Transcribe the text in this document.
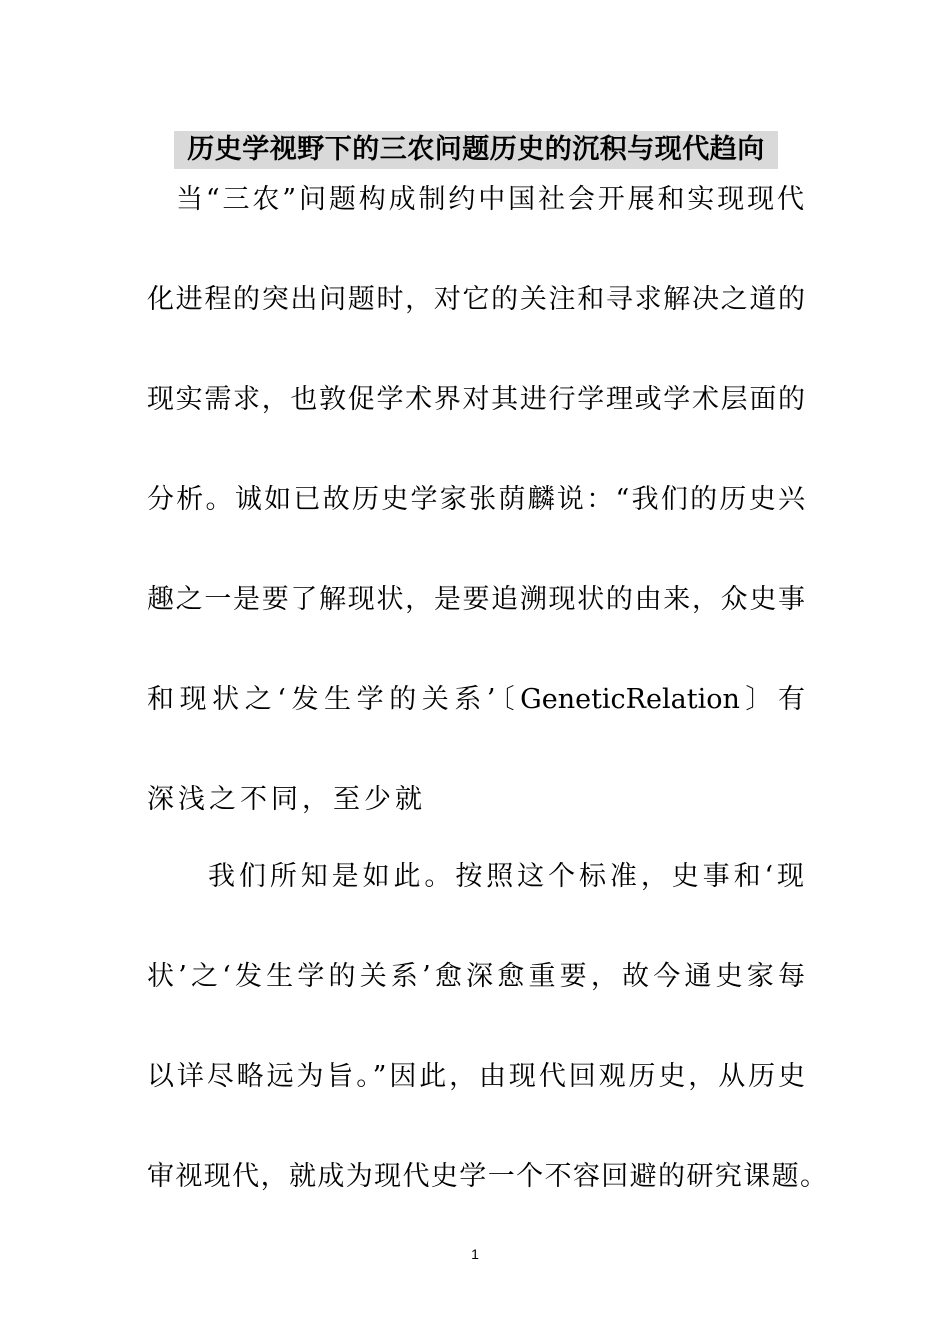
历史学视野下的三农问题历史的沉积与现代趋向
当“三农”问题构成制约中国社会开展和实现现代
化进程的突出问题时，对它的关注和寻求解决之道的
现实需求，也敦促学术界对其进行学理或学术层面的
分析。诚如已故历史学家张荫麟说：“我们的历史兴
趣之一是要了解现状，是要追溯现状的由来，众史事
和现状之‘发生学的关系’〔GeneticRelation〕有
深浅之不同，至少就
我们所知是如此。按照这个标准，史事和‘现
状’之‘发生学的关系’愈深愈重要，故今通史家每
以详尽略远为旨。”因此，由现代回观历史，从历史
审视现代，就成为现代史学一个不容回避的研究课题。
1
